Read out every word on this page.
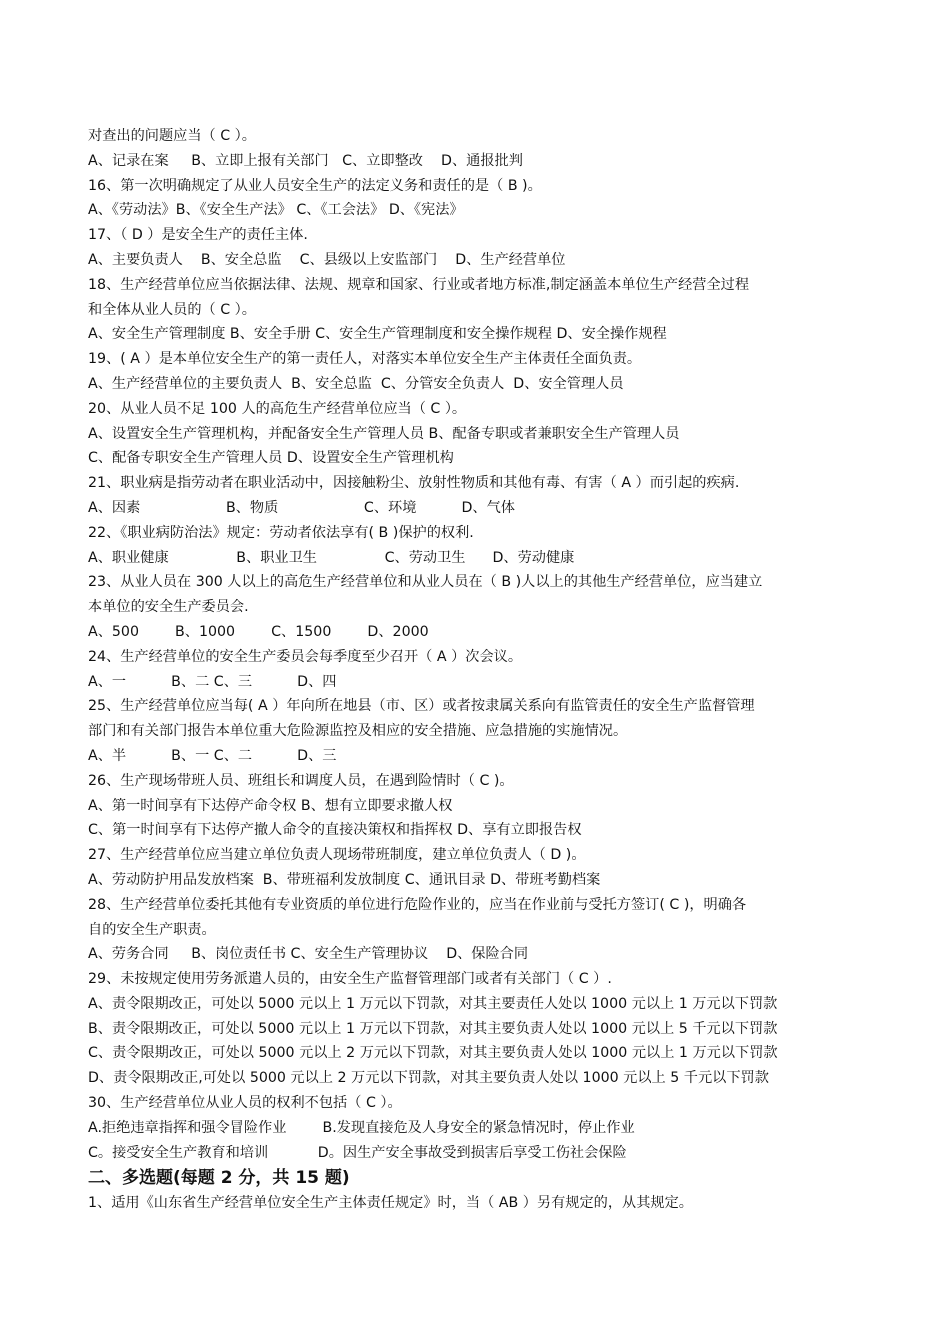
对查出的问题应当（ C ）。
A、记录在案     B、立即上报有关部门   C、立即整改    D、通报批判
16、第一次明确规定了从业人员安全生产的法定义务和责任的是（ B )。
A、《劳动法》B、《安全生产法》 C、《工会法》 D、《宪法》
17、（ D ）是安全生产的责任主体.
A、主要负责人    B、安全总监    C、县级以上安监部门    D、生产经营单位
18、生产经营单位应当依据法律、法规、规章和国家、行业或者地方标准,制定涵盖本单位生产经营全过程
和全体从业人员的（ C ）。
A、安全生产管理制度 B、安全手册 C、安全生产管理制度和安全操作规程 D、安全操作规程
19、( A ）是本单位安全生产的第一责任人，对落实本单位安全生产主体责任全面负责。
A、生产经营单位的主要负责人  B、安全总监  C、分管安全负责人  D、安全管理人员
20、从业人员不足 100 人的高危生产经营单位应当（ C ）。
A、设置安全生产管理机构，并配备安全生产管理人员 B、配备专职或者兼职安全生产管理人员
C、配备专职安全生产管理人员 D、设置安全生产管理机构
21、职业病是指劳动者在职业活动中，因接触粉尘、放射性物质和其他有毒、有害（ A ）而引起的疾病.
A、因素                   B、物质                   C、环境          D、气体
22、《职业病防治法》规定：劳动者依法享有( B )保护的权利.
A、职业健康               B、职业卫生               C、劳动卫生      D、劳动健康
23、从业人员在 300 人以上的高危生产经营单位和从业人员在（ B )人以上的其他生产经营单位，应当建立
本单位的安全生产委员会.
A、500        B、1000        C、1500        D、2000
24、生产经营单位的安全生产委员会每季度至少召开（ A ）次会议。
A、一          B、二 C、三          D、四
25、生产经营单位应当每( A ）年向所在地县（市、区）或者按隶属关系向有监管责任的安全生产监督管理
部门和有关部门报告本单位重大危险源监控及相应的安全措施、应急措施的实施情况。
A、半          B、一 C、二          D、三
26、生产现场带班人员、班组长和调度人员，在遇到险情时（ C )。
A、第一时间享有下达停产命令权 B、想有立即要求撤人权
C、第一时间享有下达停产撤人命令的直接决策权和指挥权 D、享有立即报告权
27、生产经营单位应当建立单位负责人现场带班制度，建立单位负责人（ D )。
A、劳动防护用品发放档案  B、带班福利发放制度 C、通讯目录 D、带班考勤档案
28、生产经营单位委托其他有专业资质的单位进行危险作业的，应当在作业前与受托方签订( C )，明确各
自的安全生产职责。
A、劳务合同     B、岗位责任书 C、安全生产管理协议    D、保险合同
29、未按规定使用劳务派遣人员的，由安全生产监督管理部门或者有关部门（ C ）.
A、责令限期改正，可处以 5000 元以上 1 万元以下罚款，对其主要责任人处以 1000 元以上 1 万元以下罚款
B、责令限期改正，可处以 5000 元以上 1 万元以下罚款，对其主要负责人处以 1000 元以上 5 千元以下罚款
C、责令限期改正，可处以 5000 元以上 2 万元以下罚款，对其主要负责人处以 1000 元以上 1 万元以下罚款
D、责令限期改正,可处以 5000 元以上 2 万元以下罚款，对其主要负责人处以 1000 元以上 5 千元以下罚款
30、生产经营单位从业人员的权利不包括（ C ）。
A.拒绝违章指挥和强令冒险作业        B.发现直接危及人身安全的紧急情况时，停止作业
C。接受安全生产教育和培训           D。因生产安全事故受到损害后享受工伤社会保险
二、多选题(每题 2 分，共 15 题)
1、适用《山东省生产经营单位安全生产主体责任规定》时，当（ AB ）另有规定的，从其规定。
